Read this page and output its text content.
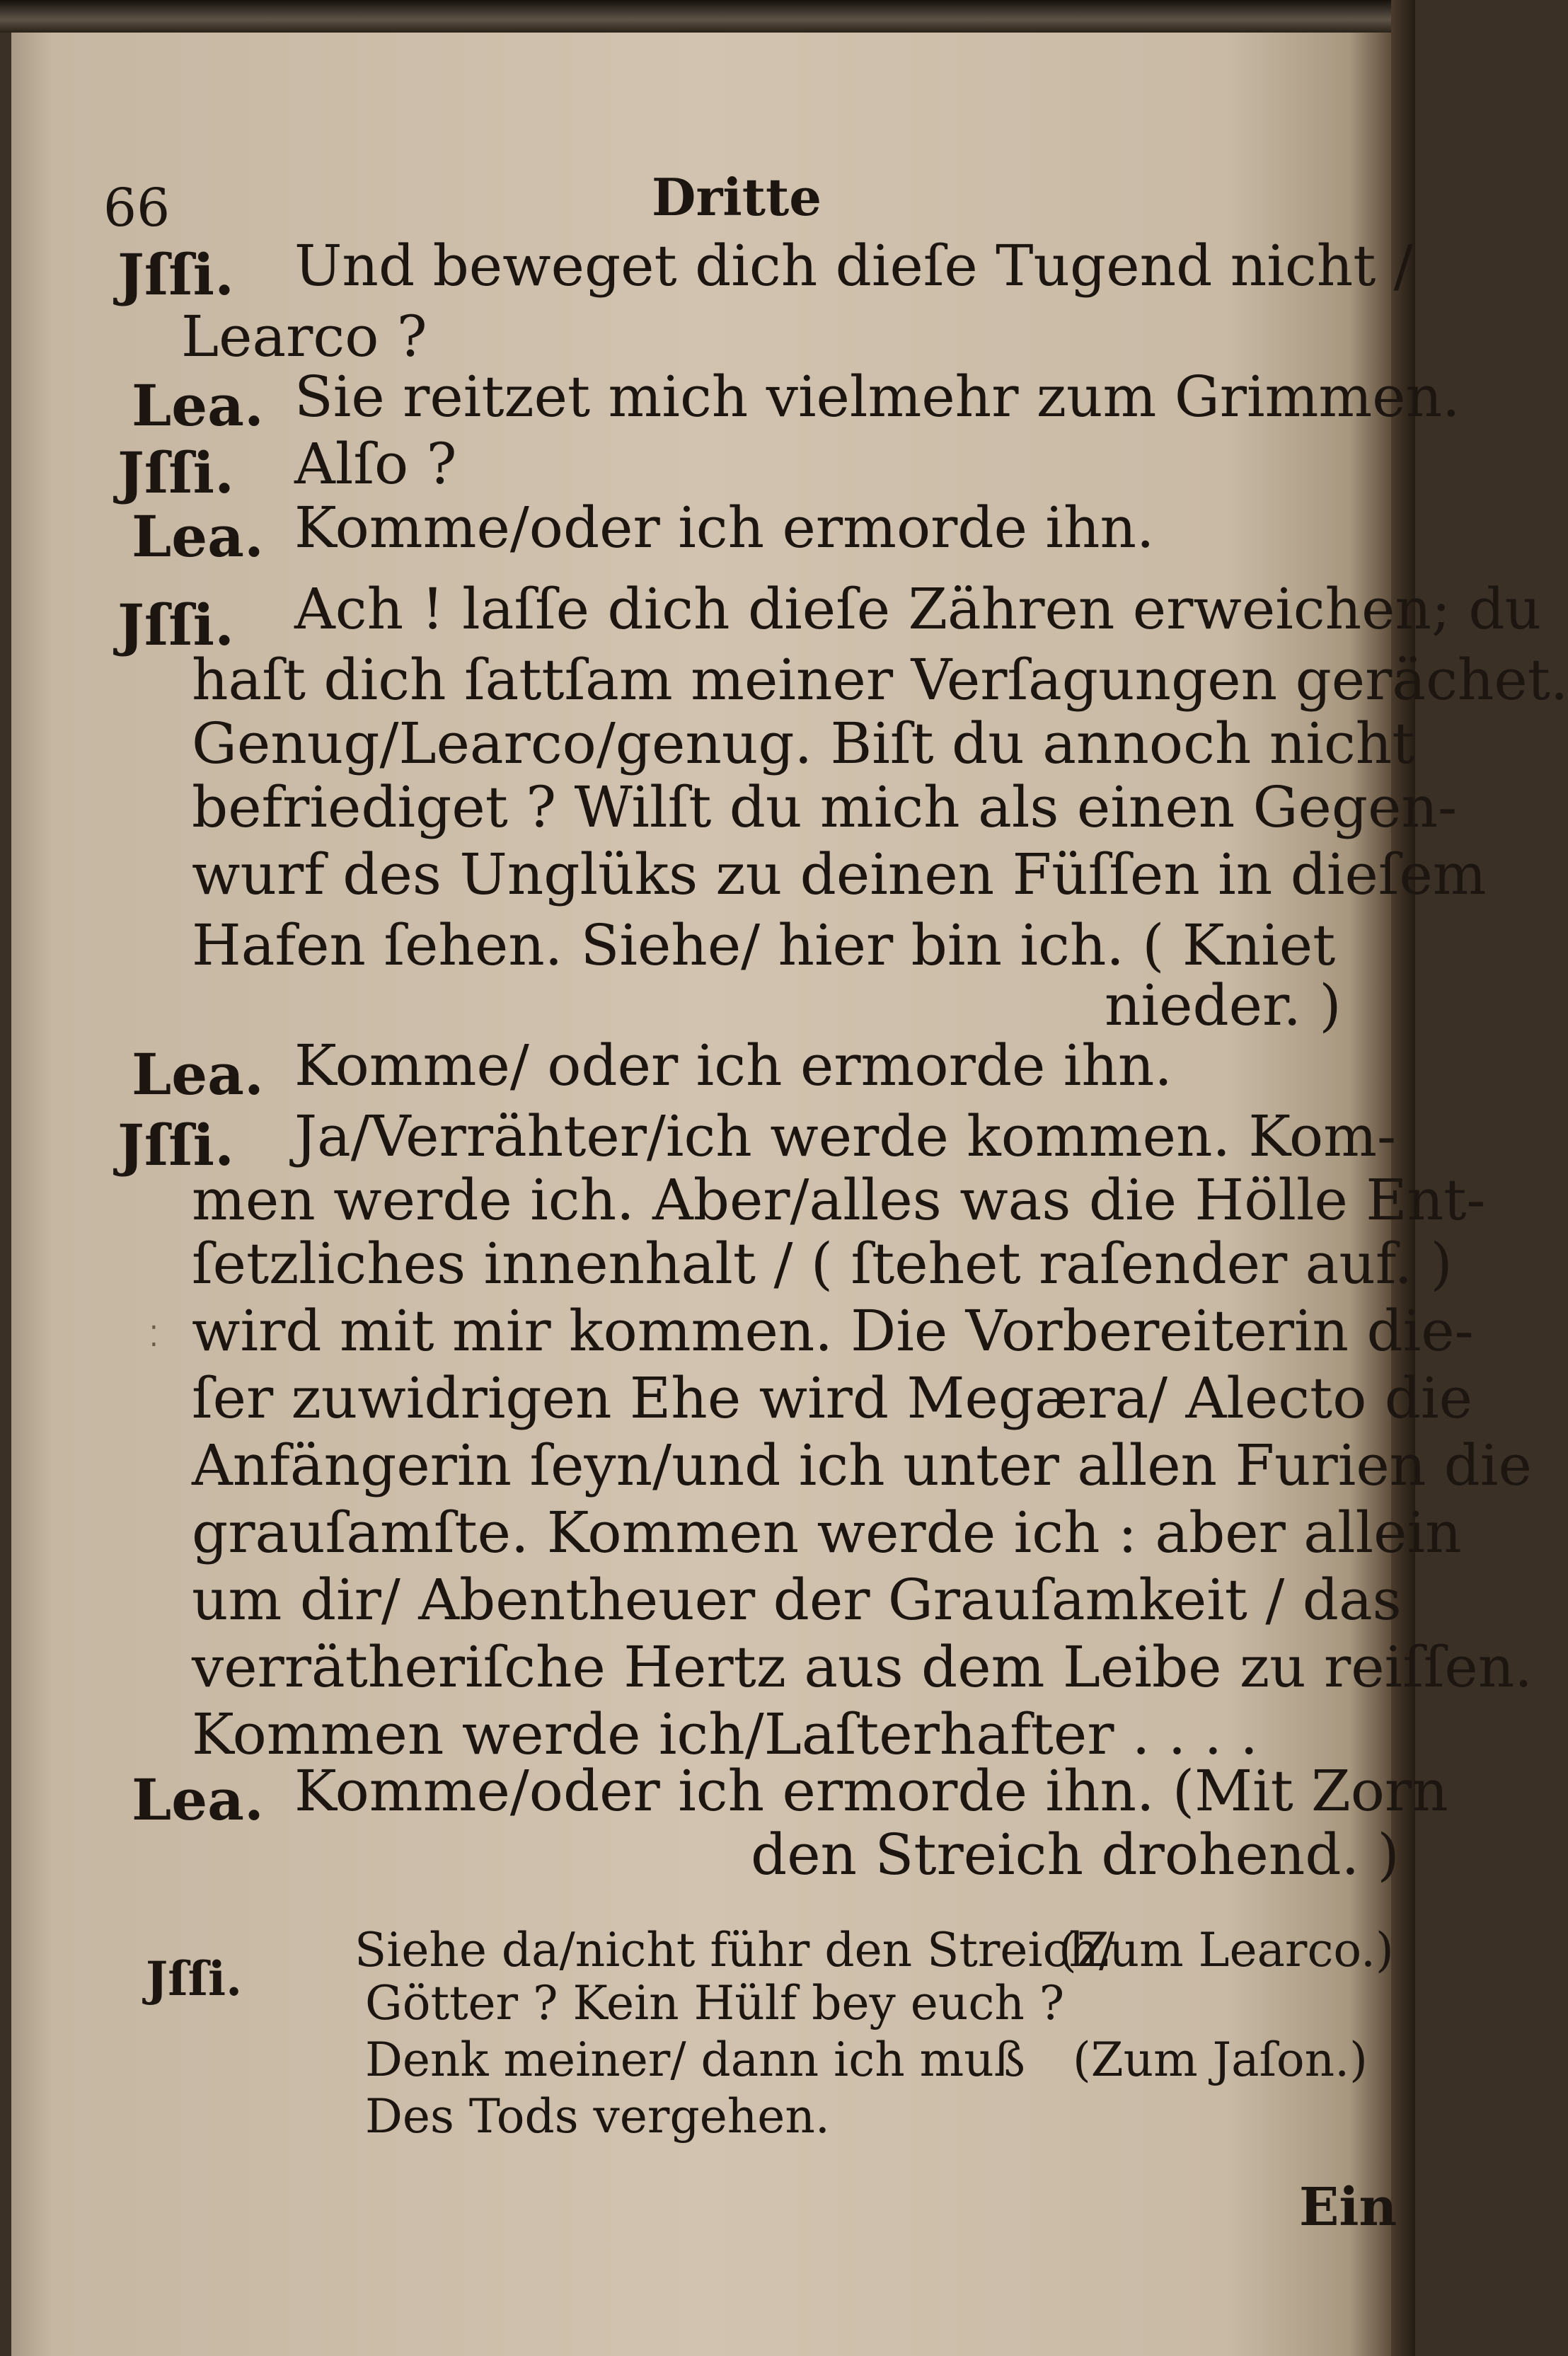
66	Dritte
Jſſi. Und beweget dich dieſe Tugend nicht /
Learco ?
Lea. Sie reitzet mich vielmehr zum Grimmen.
Jſſi. Alſo ?
Lea. Komme/oder ich ermorde ihn.
Jſſi. Ach ! laſſe dich dieſe Zähren erweichen; du
haſt dich ſattſam meiner Verſagungen gerächet.
Genug/Learco/genug. Biſt du annoch nicht
befriediget ? Wilſt du mich als einen Gegen-
wurf des Unglüks zu deinen Füſſen in dieſem
Hafen ſehen. Siehe/ hier bin ich. ( Kniet
nieder. )
Lea. Komme/ oder ich ermorde ihn.
Jſſi. Ja/Verrähter/ich werde kommen. Kom-
men werde ich. Aber/alles was die Hölle Ent-
ſetzliches innenhalt / ( ſtehet raſender auf. )
wird mit mir kommen. Die Vorbereiterin die-
ſer zuwidrigen Ehe wird Megæra/ Alecto die
Anfängerin ſeyn/und ich unter allen Furien die
grauſamſte. Kommen werde ich : aber allein
um dir/ Abentheuer der Grauſamkeit / das
verrätheriſche Hertz aus dem Leibe zu reiſſen.
Kommen werde ich/Laſterhafter . . . .
Lea. Komme/oder ich ermorde ihn. (Mit Zorn
den Streich drohend. )
Jſſi.
Siehe da/nicht führ den Streich/
(Zum Learco.)
Götter ? Kein Hülf bey euch ?
Denk meiner/ dann ich muß (Zum Jaſon.)
Des Tods vergehen.
Ein
⁚
